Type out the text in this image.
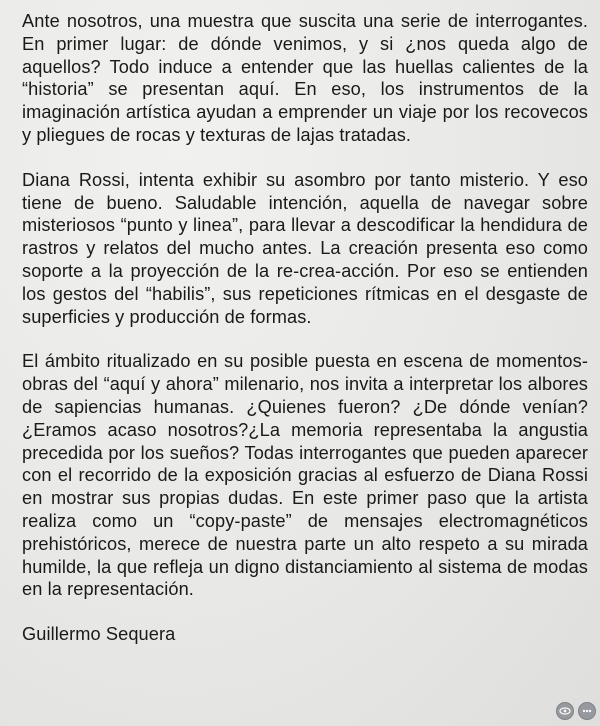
Ante nosotros, una muestra que suscita una serie de interrogantes. En primer lugar: de dónde venimos, y si ¿nos queda algo de aquellos? Todo induce a entender que las huellas calientes de la “historia” se presentan aquí. En eso, los instrumentos de la imaginación artística ayudan a emprender un viaje por los recovecos y pliegues de rocas y texturas de lajas tratadas.

Diana Rossi, intenta exhibir su asombro por tanto misterio. Y eso tiene de bueno. Saludable intención, aquella de navegar sobre misteriosos “punto y linea”, para llevar a descodificar la hendidura de rastros y relatos del mucho antes. La creación presenta eso como soporte a la proyección de la re-crea-acción. Por eso se entienden los gestos del “habilis”, sus repeticiones rítmicas en el desgaste de superficies y producción de formas.

El ámbito ritualizado en su posible puesta en escena de momentos-obras del “aquí y ahora” milenario, nos invita a interpretar los albores de sapiencias humanas. ¿Quienes fueron? ¿De dónde venían? ¿Eramos acaso nosotros?¿La memoria representaba la angustia precedida por los sueños? Todas interrogantes que pueden aparecer con el recorrido de la exposición gracias al esfuerzo de Diana Rossi en mostrar sus propias dudas. En este primer paso que la artista realiza como un “copy-paste” de mensajes electromagnéticos prehistóricos, merece de nuestra parte un alto respeto a su mirada humilde, la que refleja un digno distanciamiento al sistema de modas en la representación.

Guillermo Sequera
